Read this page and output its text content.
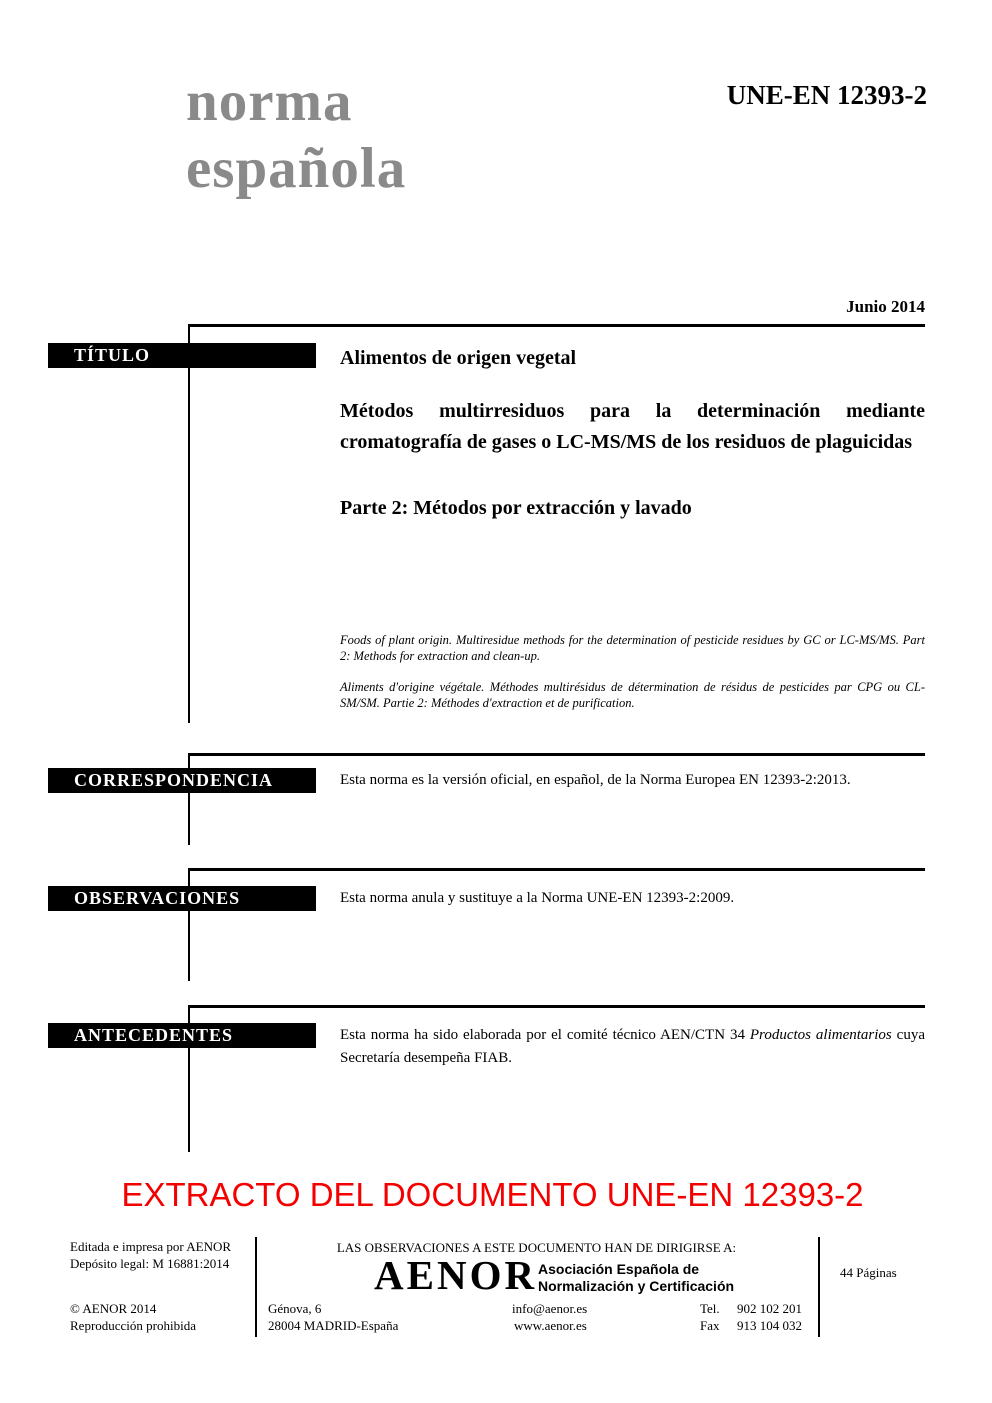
norma
española
UNE-EN 12393-2
Junio 2014
TÍTULO	Alimentos de origen vegetal
Métodos multirresiduos para la determinación mediante cromatografía de gases o LC-MS/MS de los residuos de plaguicidas
Parte 2: Métodos por extracción y lavado
Foods of plant origin. Multiresidue methods for the determination of pesticide residues by GC or LC-MS/MS. Part 2: Methods for extraction and clean-up.
Aliments d'origine végétale. Méthodes multirésidus de détermination de résidus de pesticides par CPG ou CL-SM/SM. Partie 2: Méthodes d'extraction et de purification.
CORRESPONDENCIA	Esta norma es la versión oficial, en español, de la Norma Europea EN 12393-2:2013.
OBSERVACIONES	Esta norma anula y sustituye a la Norma UNE-EN 12393-2:2009.
ANTECEDENTES	Esta norma ha sido elaborada por el comité técnico AEN/CTN 34 Productos alimentarios cuya Secretaría desempeña FIAB.
EXTRACTO DEL DOCUMENTO UNE-EN 12393-2
Editada e impresa por AENOR
Depósito legal: M 16881:2014
© AENOR 2014
Reproducción prohibida
LAS OBSERVACIONES A ESTE DOCUMENTO HAN DE DIRIGIRSE A:
AENOR Asociación Española de
Normalización y Certificación
Génova, 6
28004 MADRID-España
info@aenor.es
www.aenor.es
Tel. 902 102 201
Fax 913 104 032
44 Páginas
